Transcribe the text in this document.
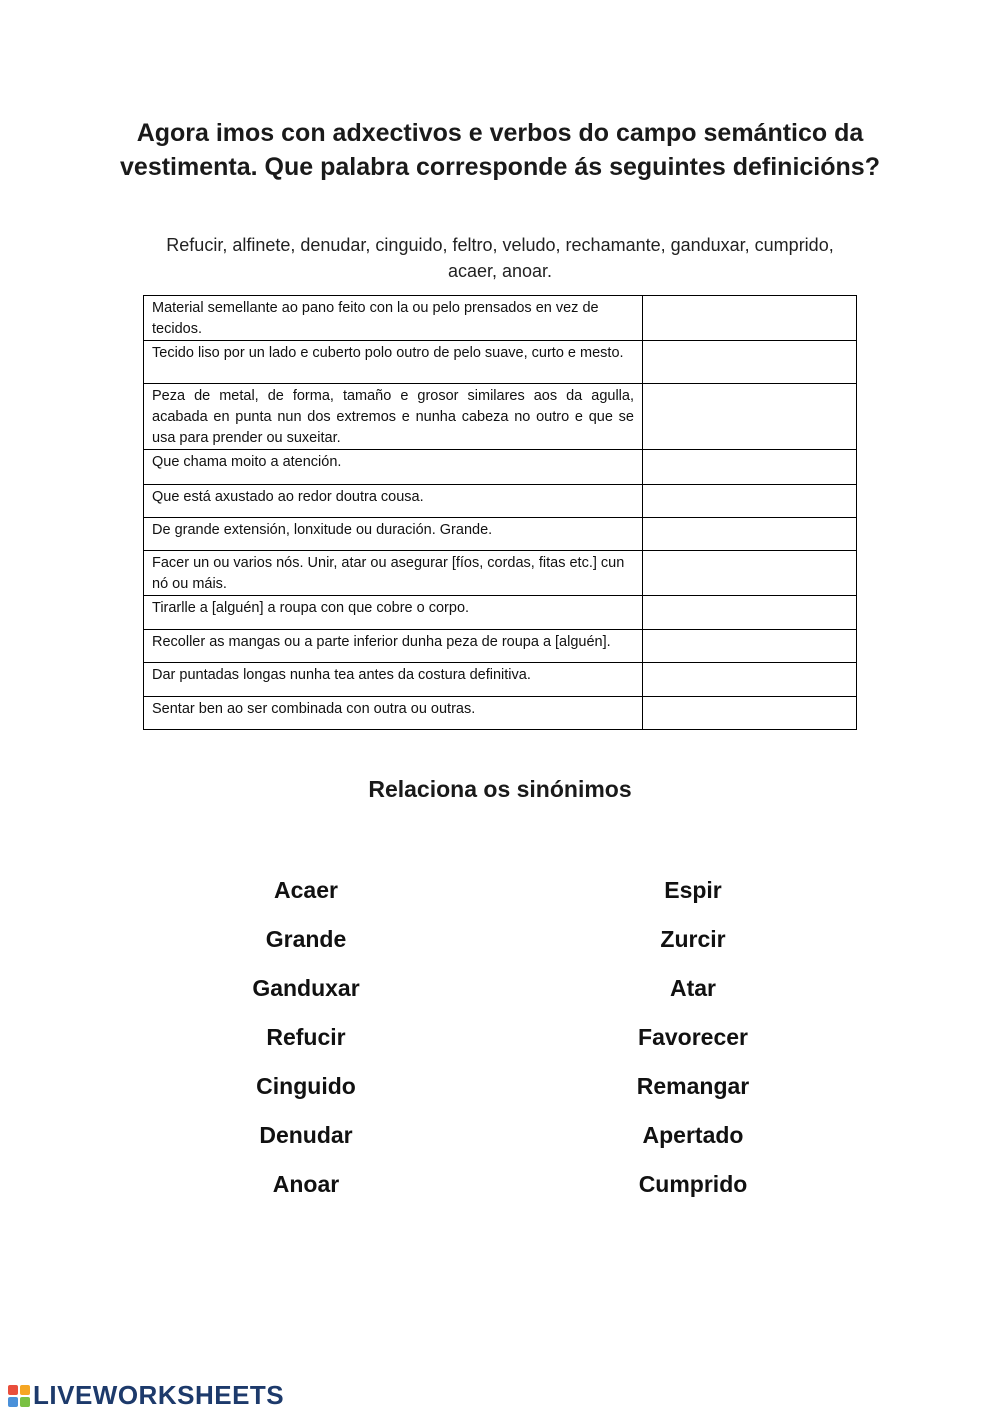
Agora imos con adxectivos e verbos do campo semántico da vestimenta. Que palabra corresponde ás seguintes definicións?
Refucir, alfinete, denudar, cinguido, feltro, veludo, rechamante, ganduxar, cumprido, acaer, anoar.
Material semellante ao pano feito con la ou pelo prensados en vez de tecidos.	
Tecido liso por un lado e cuberto polo outro de pelo suave, curto e mesto.	
Peza de metal, de forma, tamaño e grosor similares aos da agulla, acabada en punta nun dos extremos e nunha cabeza no outro e que se usa para prender ou suxeitar.	
Que chama moito a atención.	
Que está axustado ao redor doutra cousa.	
De grande extensión, lonxitude ou duración. Grande.	
Facer un ou varios nós. Unir, atar ou asegurar [fíos, cordas, fitas etc.] cun nó ou máis.	
Tirarlle a [alguén] a roupa con que cobre o corpo.	
Recoller as mangas ou a parte inferior dunha peza de roupa a [alguén].	
Dar puntadas longas nunha tea antes da costura definitiva.	
Sentar ben ao ser combinada con outra ou outras.	
Relaciona os sinónimos
Acaer
Grande
Ganduxar
Refucir
Cinguido
Denudar
Anoar
Espir
Zurcir
Atar
Favorecer
Remangar
Apertado
Cumprido
LIVEWORKSHEETS
